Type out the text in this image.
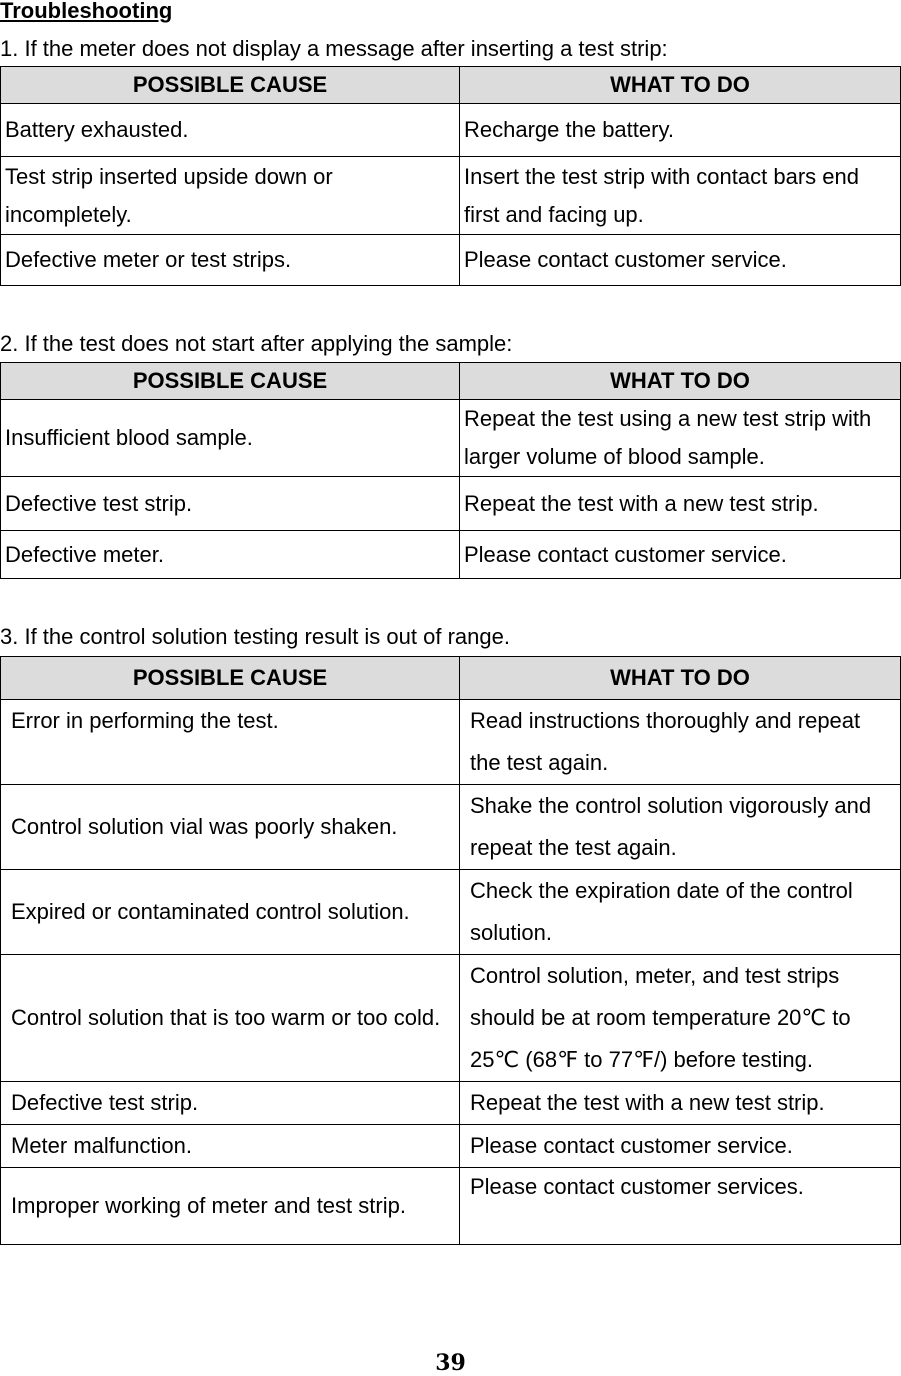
Troubleshooting

1. If the meter does not display a message after inserting a test strip:

POSSIBLE CAUSE	WHAT TO DO
Battery exhausted.	Recharge the battery.
Test strip inserted upside down or incompletely.	Insert the test strip with contact bars end first and facing up.
Defective meter or test strips.	Please contact customer service.

2. If the test does not start after applying the sample:

POSSIBLE CAUSE	WHAT TO DO
Insufficient blood sample.	Repeat the test using a new test strip with larger volume of blood sample.
Defective test strip.	Repeat the test with a new test strip.
Defective meter.	Please contact customer service.

3. If the control solution testing result is out of range.

POSSIBLE CAUSE	WHAT TO DO
Error in performing the test.	Read instructions thoroughly and repeat the test again.
Control solution vial was poorly shaken.	Shake the control solution vigorously and repeat the test again.
Expired or contaminated control solution.	Check the expiration date of the control solution.
Control solution that is too warm or too cold.	Control solution, meter, and test strips should be at room temperature 20℃ to 25℃ (68℉ to 77℉/) before testing.
Defective test strip.	Repeat the test with a new test strip.
Meter malfunction.	Please contact customer service.
Improper working of meter and test strip.	Please contact customer services.
39
